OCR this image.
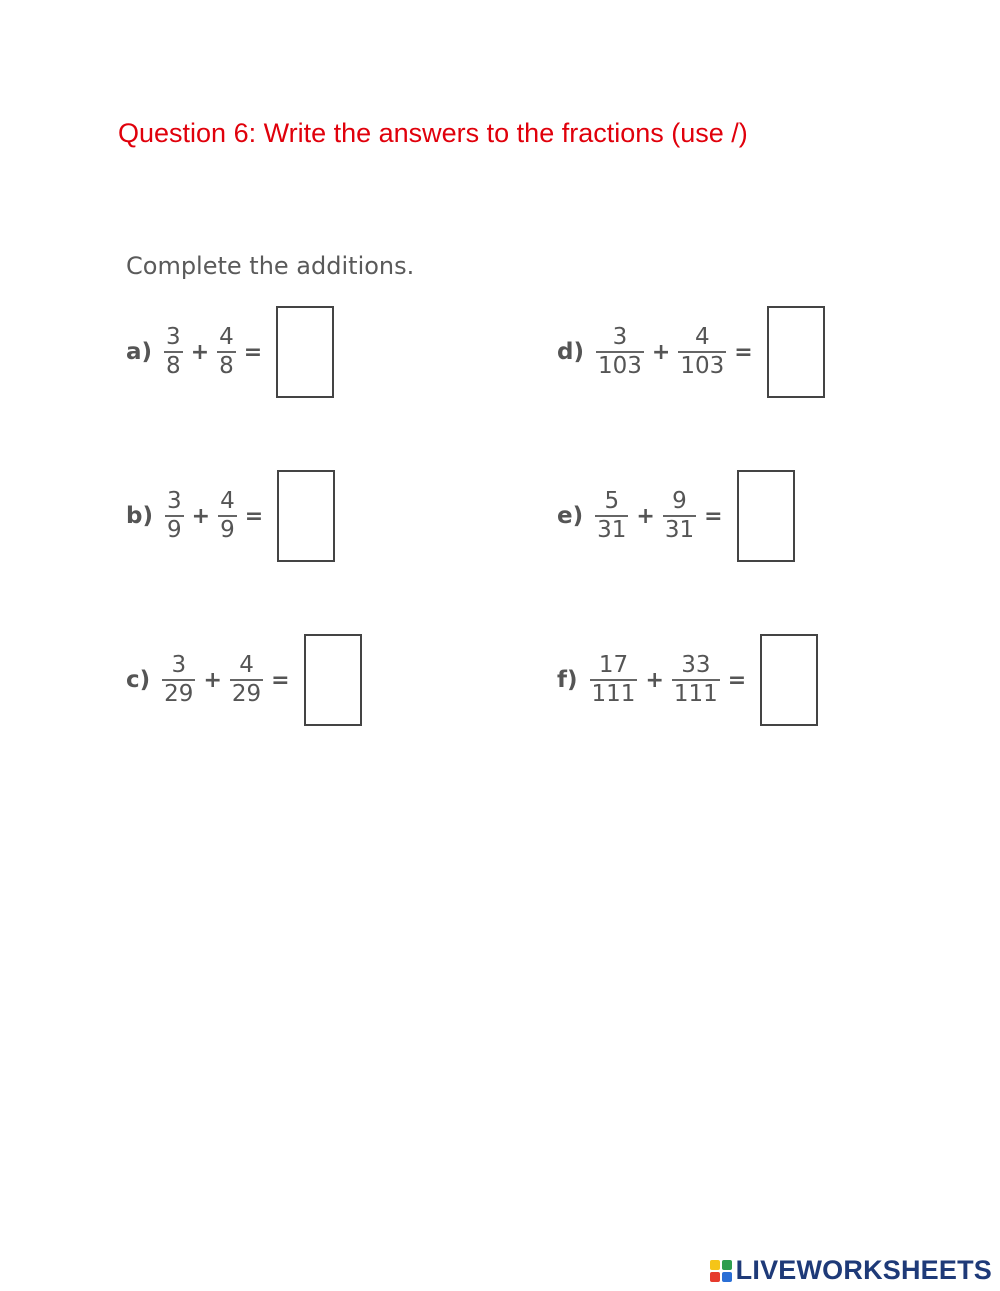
Question 6: Write the answers to the fractions (use /)
Complete the additions.
$a) \frac{3}{8} + \frac{4}{8}$ =
$b) \frac{3}{9} + \frac{4}{9}$ =
$c) \frac{3}{29} + \frac{4}{29}$ =
$d) \frac{3}{103} + \frac{4}{103}$ =
$e) \frac{5}{31} + \frac{9}{31}$ =
$f) \frac{17}{111} + \frac{33}{111}$ =
LIVEWORKSHEETS
